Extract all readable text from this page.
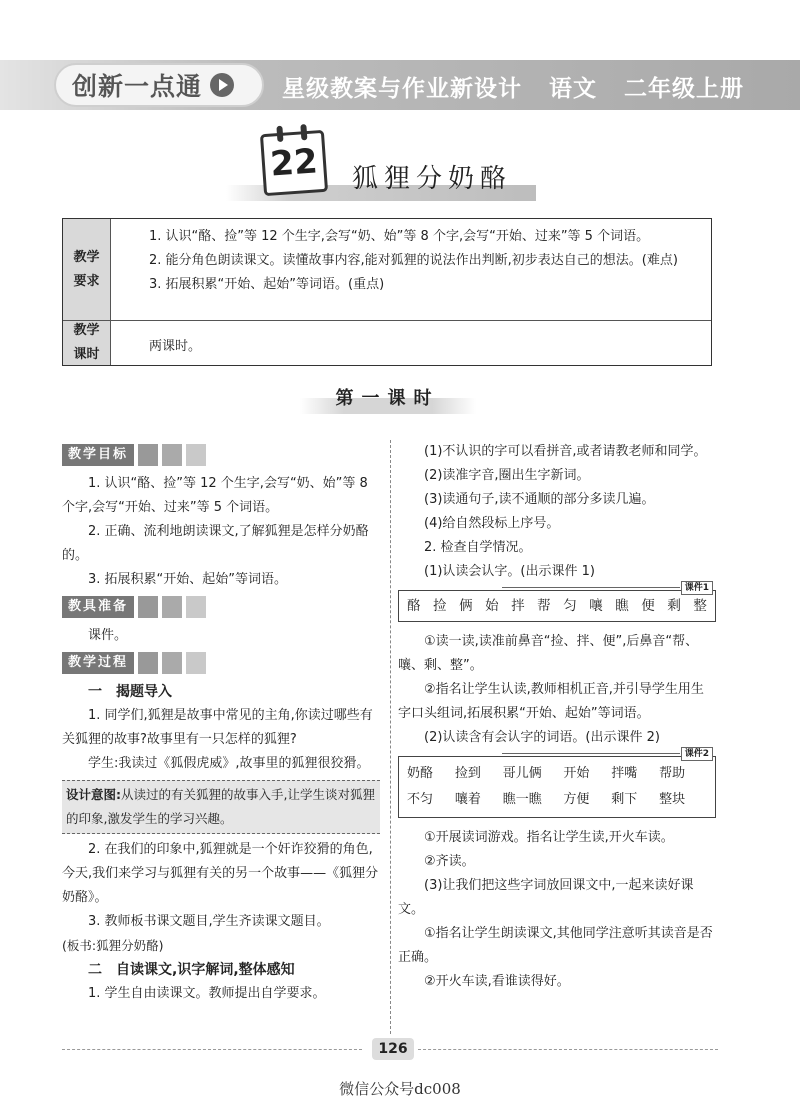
创新一点通	星级教案与作业新设计 语文 二年级上册
22 狐狸分奶酪
教学
要求

1. 认识“酪、捡”等 12 个生字,会写“奶、始”等 8 个字,会写“开始、过来”等 5 个词语。

2. 能分角色朗读课文。读懂故事内容,能对狐狸的说法作出判断,初步表达自己的想法。(难点)

3. 拓展积累“开始、起始”等词语。(重点)

教学
课时

两课时。

第一课时
教学目标

1. 认识“酪、捡”等 12 个生字,会写“奶、始”等 8 个字,会写“开始、过来”等 5 个词语。

2. 正确、流利地朗读课文,了解狐狸是怎样分奶酪的。

3. 拓展积累“开始、起始”等词语。

教具准备

课件。

教学过程

一　揭题导入

1. 同学们,狐狸是故事中常见的主角,你读过哪些有关狐狸的故事?故事里有一只怎样的狐狸?

学生:我读过《狐假虎威》,故事里的狐狸很狡猾。

设计意图:从读过的有关狐狸的故事入手,让学生谈对狐狸的印象,激发学生的学习兴趣。

2. 在我们的印象中,狐狸就是一个奸诈狡猾的角色,今天,我们来学习与狐狸有关的另一个故事——《狐狸分奶酪》。

3. 教师板书课文题目,学生齐读课文题目。

(板书:狐狸分奶酪)

二　自读课文,识字解词,整体感知

1. 学生自由读课文。教师提出自学要求。

(1)不认识的字可以看拼音,或者请教老师和同学。

(2)读准字音,圈出生字新词。

(3)读通句子,读不通顺的部分多读几遍。

(4)给自然段标上序号。

2. 检查自学情况。

(1)认读会认字。(出示课件 1)

课件1
酪 捡 俩 始 拌 帮 匀 嚷 瞧 便 剩 整

①读一读,读准前鼻音“捡、拌、便”,后鼻音“帮、嚷、剩、整”。

②指名让学生认读,教师相机正音,并引导学生用生字口头组词,拓展积累“开始、起始”等词语。

(2)认读含有会认字的词语。(出示课件 2)

课件2
奶酪	捡到	哥儿俩	开始	拌嘴	帮助
不匀	嚷着	瞧一瞧	方便	剩下	整块

①开展读词游戏。指名让学生读,开火车读。

②齐读。

(3)让我们把这些字词放回课文中,一起来读好课文。

①指名让学生朗读课文,其他同学注意听其读音是否正确。

②开火车读,看谁读得好。

126
微信公众号dc008
